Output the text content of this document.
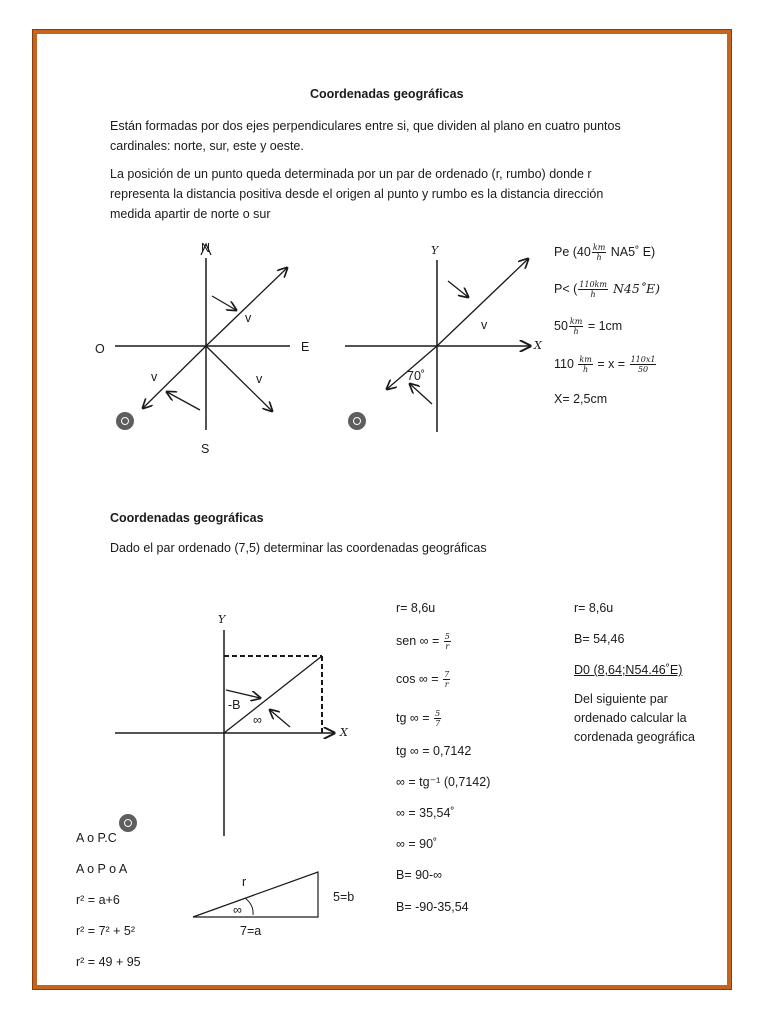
Coordenadas geográficas
Están formadas por dos ejes perpendiculares entre si, que dividen al plano en cuatro puntos
cardinales: norte, sur, este y oeste.
La posición de un punto queda determinada por un par de ordenado (r, rumbo) donde r
representa la distancia positiva desde el origen al punto y rumbo es la distancia dirección
medida apartir de norte o sur
N
S
E
O
v
v	v
Y
X
v
70˚
Pe ($40 \frac{km}{h}$ NA5˚ E)
P< ( $\frac{110km}{h}$ N45˚E)
$50 \frac{km}{h} = 1cm$
$110 \frac{km}{h} = x = \frac{110x1}{50}$
X= 2,5cm
Coordenadas geográficas
Dado el par ordenado (7,5) determinar las coordenadas geográficas
Y
X
-B
∞
r= 8,6u
sen ∞ = $\frac{5}{r}$
cos ∞ = $\frac{7}{r}$
tg ∞ = $\frac{5}{7}$
tg ∞ = 0,7142
∞ = tg⁻¹ (0,7142)
∞ = 35,54˚
∞ = 90˚
B= 90-∞
B= -90-35,54
r= 8,6u
B= 54,46
D0 (8,64;N54.46˚E)
Del siguiente par
ordenado calcular la
cordenada geográfica
A o P.C
A o P o A
r² = a+6
r² = 7² + 5²
r² = 49 + 95
r
∞
5=b
7=a
